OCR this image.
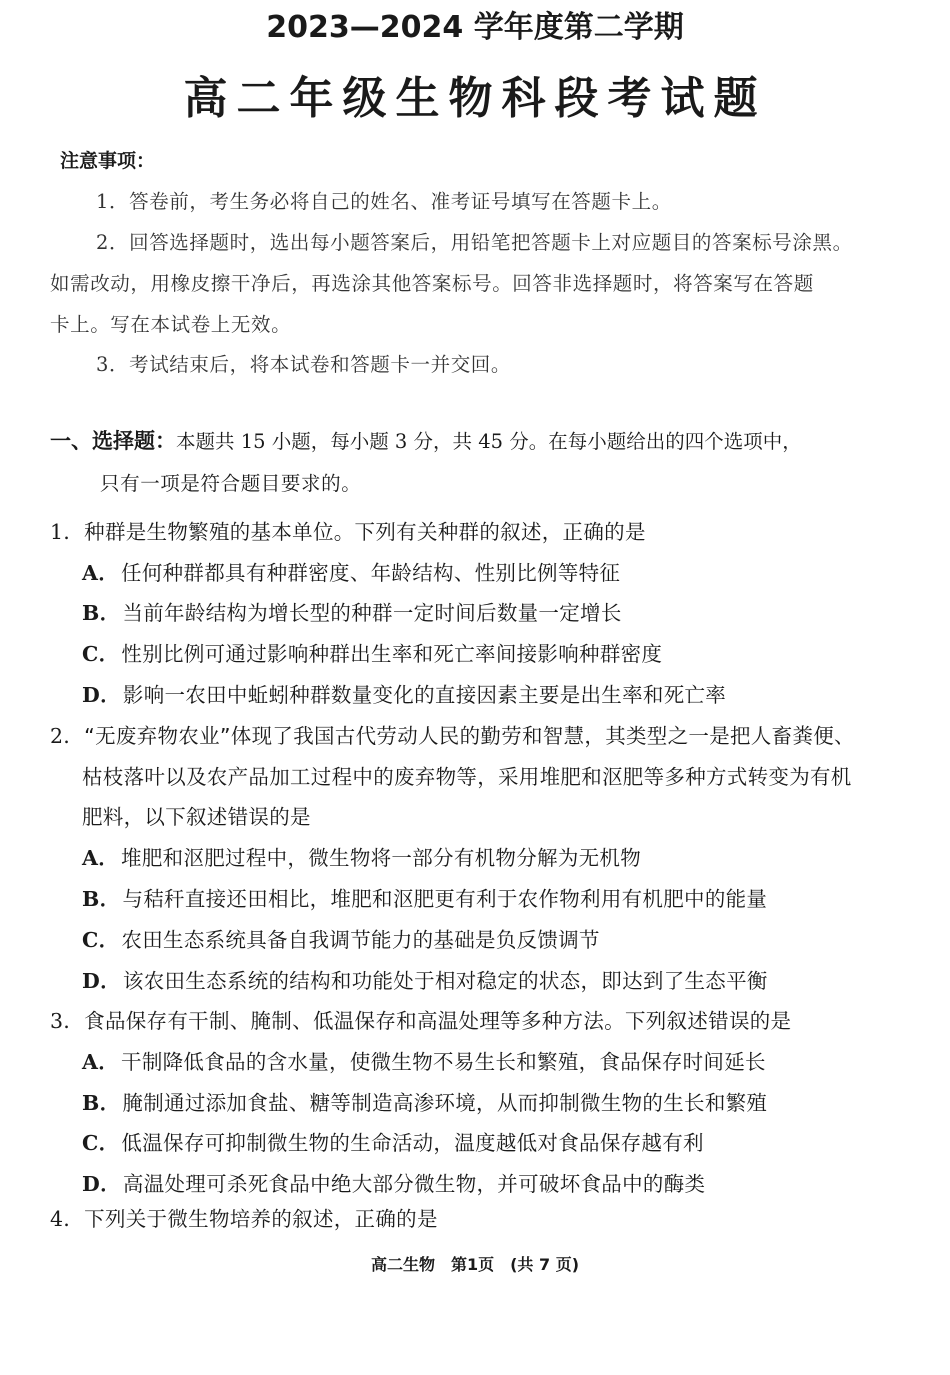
2023—2024 学年度第二学期
高二年级生物科段考试题
注意事项：
1．答卷前，考生务必将自己的姓名、准考证号填写在答题卡上。
2．回答选择题时，选出每小题答案后，用铅笔把答题卡上对应题目的答案标号涂黑。
如需改动，用橡皮擦干净后，再选涂其他答案标号。回答非选择题时，将答案写在答题
卡上。写在本试卷上无效。
3．考试结束后，将本试卷和答题卡一并交回。
一、选择题：本题共 15 小题，每小题 3 分，共 45 分。在每小题给出的四个选项中，
只有一项是符合题目要求的。
1．种群是生物繁殖的基本单位。下列有关种群的叙述，正确的是
A．任何种群都具有种群密度、年龄结构、性别比例等特征
B．当前年龄结构为增长型的种群一定时间后数量一定增长
C．性别比例可通过影响种群出生率和死亡率间接影响种群密度
D．影响一农田中蚯蚓种群数量变化的直接因素主要是出生率和死亡率
2．“无废弃物农业”体现了我国古代劳动人民的勤劳和智慧，其类型之一是把人畜粪便、
枯枝落叶以及农产品加工过程中的废弃物等，采用堆肥和沤肥等多种方式转变为有机
肥料，以下叙述错误的是
A．堆肥和沤肥过程中，微生物将一部分有机物分解为无机物
B．与秸秆直接还田相比，堆肥和沤肥更有利于农作物利用有机肥中的能量
C．农田生态系统具备自我调节能力的基础是负反馈调节
D．该农田生态系统的结构和功能处于相对稳定的状态，即达到了生态平衡
3．食品保存有干制、腌制、低温保存和高温处理等多种方法。下列叙述错误的是
A．干制降低食品的含水量，使微生物不易生长和繁殖，食品保存时间延长
B．腌制通过添加食盐、糖等制造高渗环境，从而抑制微生物的生长和繁殖
C．低温保存可抑制微生物的生命活动，温度越低对食品保存越有利
D．高温处理可杀死食品中绝大部分微生物，并可破坏食品中的酶类
4．下列关于微生物培养的叙述，正确的是
高二生物　第1页　(共 7 页)
